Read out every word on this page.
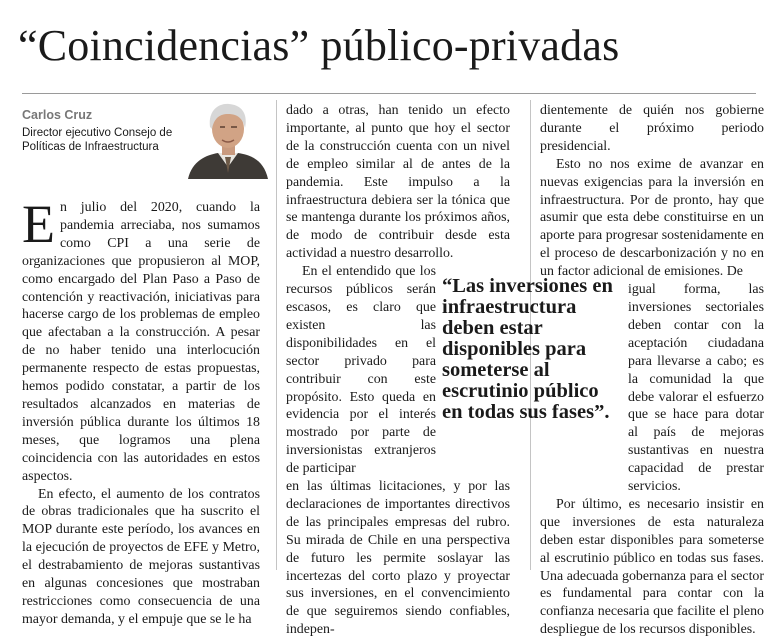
“Coincidencias” público-privadas
Carlos Cruz
Director ejecutivo Consejo de Políticas de Infraestructura

En julio del 2020, cuando la pandemia arreciaba, nos sumamos como CPI a una serie de organizaciones que propusieron al MOP, como encargado del Plan Paso a Paso de contención y reactivación, iniciativas para hacerse cargo de los problemas de empleo que afectaban a la construcción. A pesar de no haber tenido una interlocución permanente respecto de estas propuestas, hemos podido constatar, a partir de los resultados alcanzados en materias de inversión pública durante los últimos 18 meses, que logramos una plena coincidencia con las autoridades en estos aspectos.

En efecto, el aumento de los contratos de obras tradicionales que ha suscrito el MOP durante este período, los avances en la ejecución de proyectos de EFE y Metro, el destrabamiento de mejoras sustantivas en algunas concesiones que mostraban restricciones como consecuencia de una mayor demanda, y el empuje que se le ha

dado a otras, han tenido un efecto importante, al punto que hoy el sector de la construcción cuenta con un nivel de empleo similar al de antes de la pandemia. Este impulso a la infraestructura debiera ser la tónica que se mantenga durante los próximos años, de modo de contribuir desde esta actividad a nuestro desarrollo.

En el entendido que los recursos públicos serán escasos, es claro que existen las disponibilidades en el sector privado para contribuir con este propósito. Esto queda en evidencia por el interés mostrado por parte de inversionistas extranjeros de participar

en las últimas licitaciones, y por las declaraciones de importantes directivos de las principales empresas del rubro. Su mirada de Chile en una perspectiva de futuro les permite soslayar las incertezas del corto plazo y proyectar sus inversiones, en el convencimiento de que seguiremos siendo confiables, indepen-

“Las inversiones en infraestructura deben estar disponibles para someterse al escrutinio público en todas sus fases”.

dientemente de quién nos gobierne durante el próximo periodo presidencial.

Esto no nos exime de avanzar en nuevas exigencias para la inversión en infraestructura. Por de pronto, hay que asumir que esta debe constituirse en un aporte para progresar sostenidamente en el proceso de descarbonización y no en un factor adicional de emisiones. De

igual forma, las inversiones sectoriales deben contar con la aceptación ciudadana para llevarse a cabo; es la comunidad la que debe valorar el esfuerzo que se hace para dotar al país de mejoras sustantivas en nuestra capacidad de prestar servicios.

Por último, es necesario insistir en que inversiones de esta naturaleza deben estar disponibles para someterse al escrutinio público en todas sus fases. Una adecuada gobernanza para el sector es fundamental para contar con la confianza necesaria que facilite el pleno despliegue de los recursos disponibles.
